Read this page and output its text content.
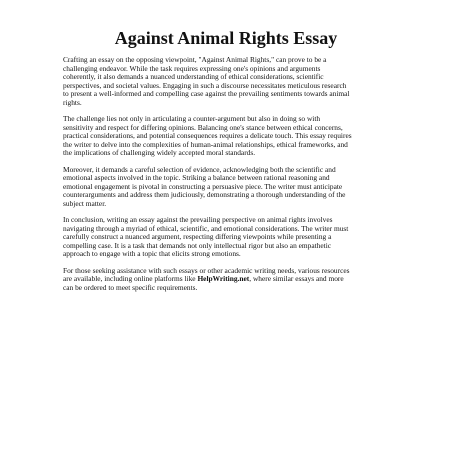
Against Animal Rights Essay

Crafting an essay on the opposing viewpoint, "Against Animal Rights," can prove to be a
challenging endeavor. While the task requires expressing one's opinions and arguments
coherently, it also demands a nuanced understanding of ethical considerations, scientific
perspectives, and societal values. Engaging in such a discourse necessitates meticulous research
to present a well-informed and compelling case against the prevailing sentiments towards animal
rights.

The challenge lies not only in articulating a counter-argument but also in doing so with
sensitivity and respect for differing opinions. Balancing one's stance between ethical concerns,
practical considerations, and potential consequences requires a delicate touch. This essay requires
the writer to delve into the complexities of human-animal relationships, ethical frameworks, and
the implications of challenging widely accepted moral standards.

Moreover, it demands a careful selection of evidence, acknowledging both the scientific and
emotional aspects involved in the topic. Striking a balance between rational reasoning and
emotional engagement is pivotal in constructing a persuasive piece. The writer must anticipate
counterarguments and address them judiciously, demonstrating a thorough understanding of the
subject matter.

In conclusion, writing an essay against the prevailing perspective on animal rights involves
navigating through a myriad of ethical, scientific, and emotional considerations. The writer must
carefully construct a nuanced argument, respecting differing viewpoints while presenting a
compelling case. It is a task that demands not only intellectual rigor but also an empathetic
approach to engage with a topic that elicits strong emotions.

For those seeking assistance with such essays or other academic writing needs, various resources
are available, including online platforms like HelpWriting.net, where similar essays and more
can be ordered to meet specific requirements.
